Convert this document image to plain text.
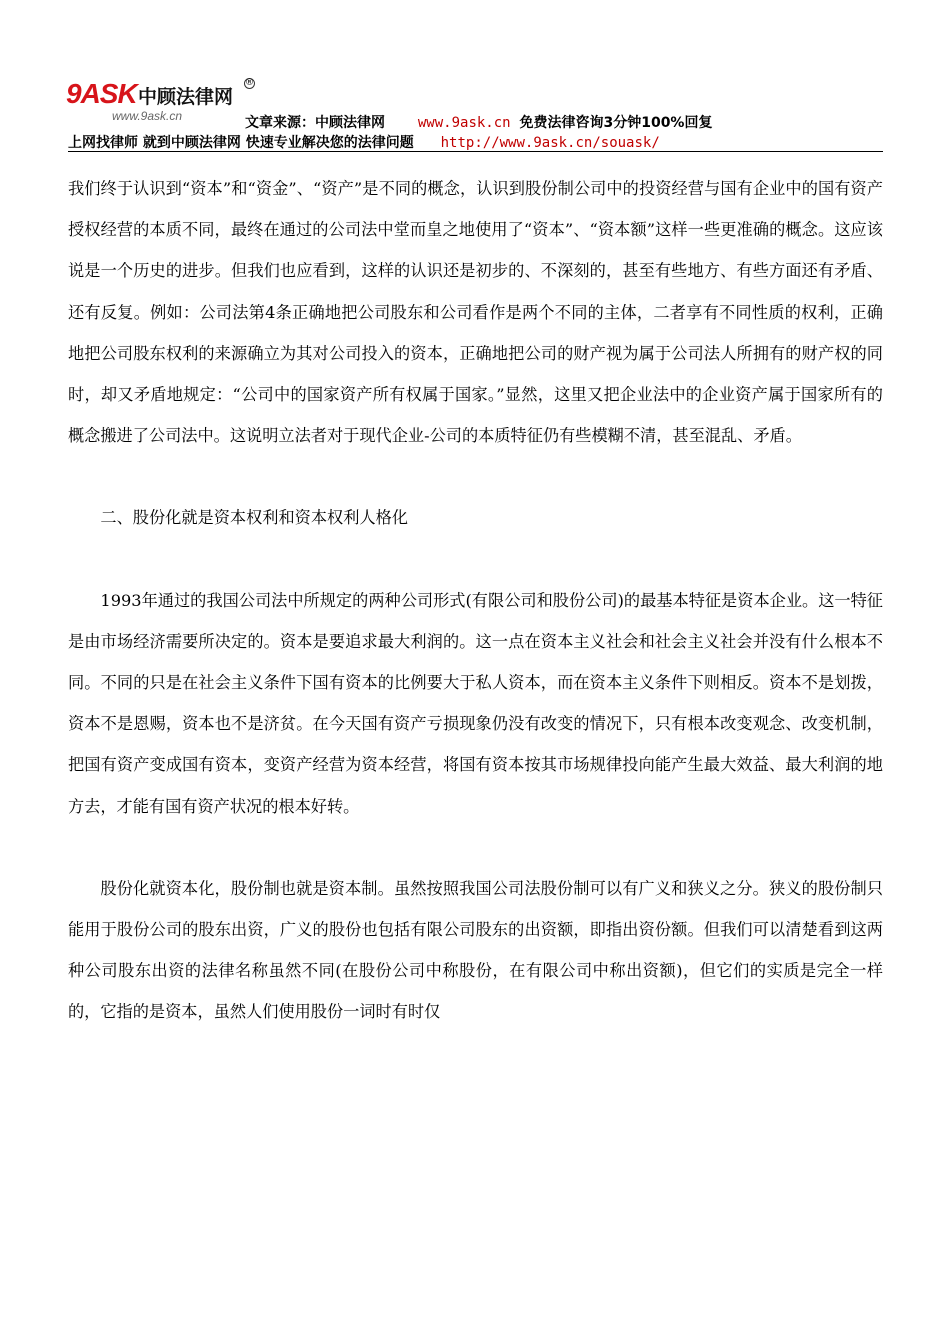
9ASK 中顾法律网
®
www.9ask.cn	文章来源：中顾法律网 www.9ask.cn 免费法律咨询3分钟100%回复
上网找律师 就到中顾法律网 快速专业解决您的法律问题 http://www.9ask.cn/souask/

我们终于认识到“资本”和“资金”、“资产”是不同的概念，认识到股份制公司中的投资经营与国有企业中的国有资产授权经营的本质不同，最终在通过的公司法中堂而皇之地使用了“资本”、“资本额”这样一些更准确的概念。这应该说是一个历史的进步。但我们也应看到，这样的认识还是初步的、不深刻的，甚至有些地方、有些方面还有矛盾、还有反复。例如：公司法第4条正确地把公司股东和公司看作是两个不同的主体，二者享有不同性质的权利，正确地把公司股东权利的来源确立为其对公司投入的资本，正确地把公司的财产视为属于公司法人所拥有的财产权的同时，却又矛盾地规定：“公司中的国家资产所有权属于国家。”显然，这里又把企业法中的企业资产属于国家所有的概念搬进了公司法中。这说明立法者对于现代企业-公司的本质特征仍有些模糊不清，甚至混乱、矛盾。

二、股份化就是资本权利和资本权利人格化

1993年通过的我国公司法中所规定的两种公司形式(有限公司和股份公司)的最基本特征是资本企业。这一特征是由市场经济需要所决定的。资本是要追求最大利润的。这一点在资本主义社会和社会主义社会并没有什么根本不同。不同的只是在社会主义条件下国有资本的比例要大于私人资本，而在资本主义条件下则相反。资本不是划拨，资本不是恩赐，资本也不是济贫。在今天国有资产亏损现象仍没有改变的情况下，只有根本改变观念、改变机制，把国有资产变成国有资本，变资产经营为资本经营，将国有资本按其市场规律投向能产生最大效益、最大利润的地方去，才能有国有资产状况的根本好转。

股份化就资本化，股份制也就是资本制。虽然按照我国公司法股份制可以有广义和狭义之分。狭义的股份制只能用于股份公司的股东出资，广义的股份也包括有限公司股东的出资额，即指出资份额。但我们可以清楚看到这两种公司股东出资的法律名称虽然不同(在股份公司中称股份，在有限公司中称出资额)，但它们的实质是完全一样的，它指的是资本，虽然人们使用股份一词时有时仅
